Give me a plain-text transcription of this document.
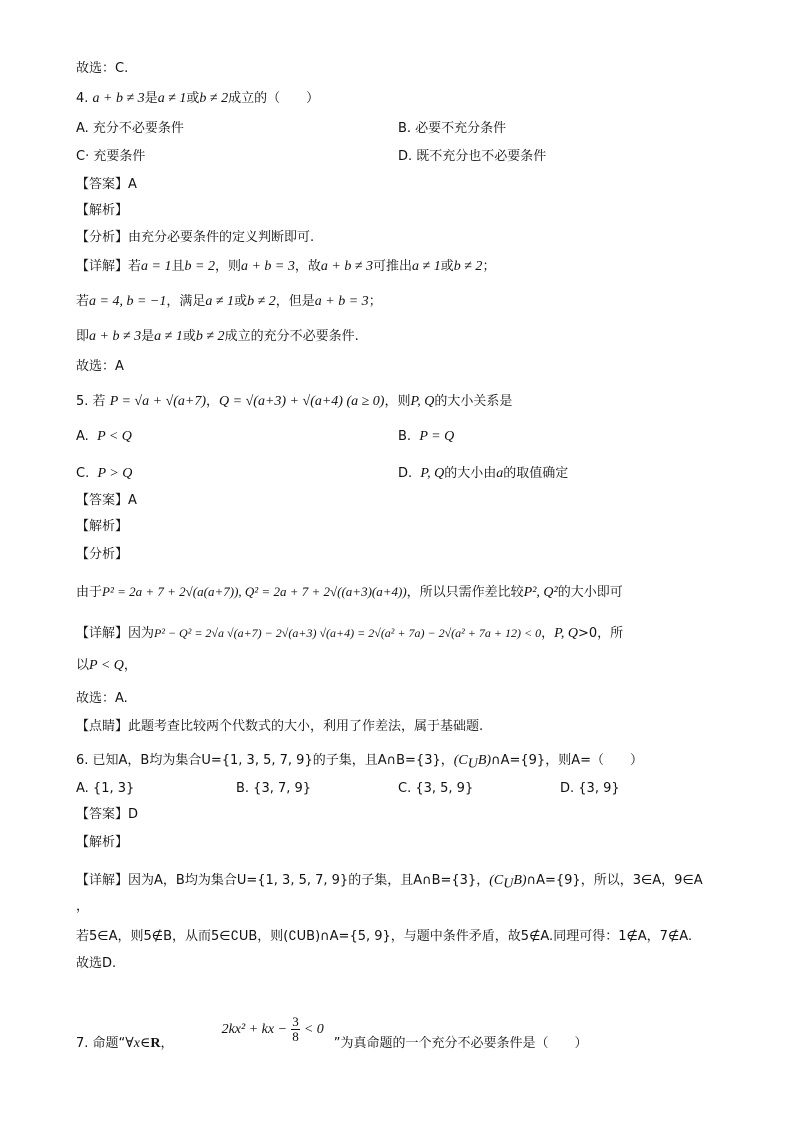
故选：C.
4. a + b ≠ 3是a ≠ 1或b ≠ 2成立的（　　）
A. 充分不必要条件	B. 必要不充分条件
C· 充要条件	D. 既不充分也不必要条件
【答案】A
【解析】
【分析】由充分必要条件的定义判断即可.
【详解】若a = 1且b = 2，则a + b = 3，故a + b ≠ 3可推出a ≠ 1或b ≠ 2；
若a = 4, b = −1，满足a ≠ 1或b ≠ 2，但是a + b = 3；
即a + b ≠ 3是a ≠ 1或b ≠ 2成立的充分不必要条件.
故选：A
5. 若 P = √a + √(a+7)，Q = √(a+3) + √(a+4) (a ≥ 0)，则P, Q的大小关系是
A. P < Q	B. P = Q
C. P > Q	D. P, Q的大小由a的取值确定
【答案】A
【解析】
【分析】
由于P² = 2a + 7 + 2√(a(a+7)), Q² = 2a + 7 + 2√((a+3)(a+4))，所以只需作差比较P², Q²的大小即可
【详解】因为P² − Q² = 2√a √(a+7) − 2√(a+3) √(a+4) = 2√(a² + 7a) − 2√(a² + 7a + 12) < 0，P, Q>0，所
以P < Q，
故选：A.
【点睛】此题考查比较两个代数式的大小，利用了作差法，属于基础题.
6. 已知A，B均为集合U={1, 3, 5, 7, 9}的子集，且A∩B={3}，$(C_UB)\cap A=\{9\}$，则A=（　　）
A. {1, 3}	B. {3, 7, 9}	C. {3, 5, 9}	D. {3, 9}
【答案】D
【解析】
【详解】因为A，B均为集合U={1, 3, 5, 7, 9}的子集，且A∩B={3}，$(C_UB)\cap A=\{9\}$，所以，3∈A，9∈A
，
若5∈A，则5∉B，从而5∈∁UB，则(∁UB)∩A={5, 9}，与题中条件矛盾，故5∉A.同理可得：1∉A，7∉A.
故选D.
7. 命题“∀x∈R， 2kx² + kx − $\frac{3}{8} < 0$”为真命题的一个充分不必要条件是（　　）
